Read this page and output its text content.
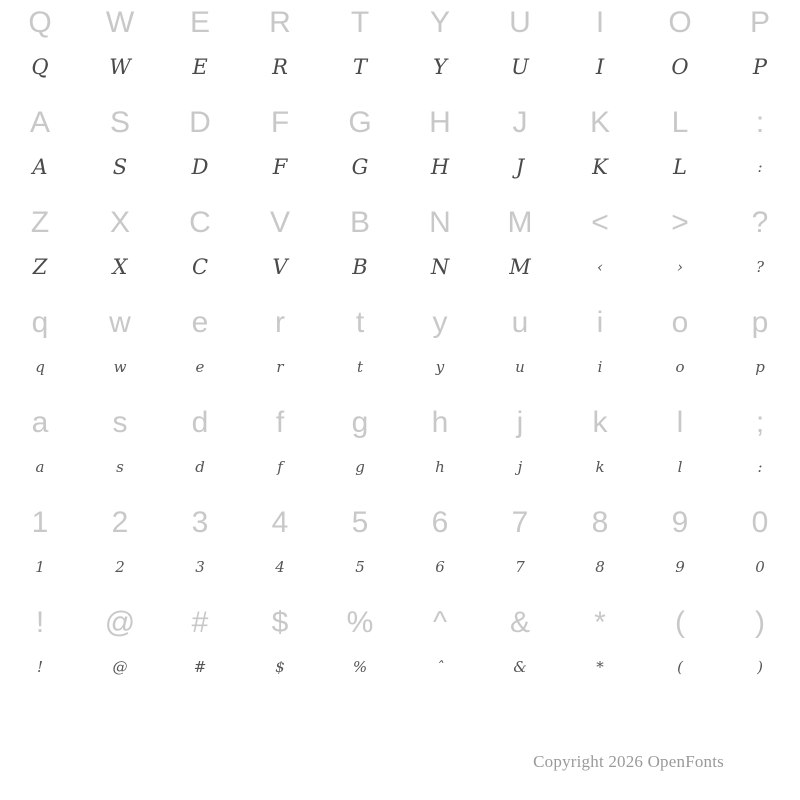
Q
Q
W
W
E
E
R
R
T
T
Y
Y
U
U
I
I
O
O
P
P
A
A
S
S
D
D
F
F
G
G
H
H
J
J
K
K
L
L
:
:
Z
Z
X
X
C
C
V
V
B
B
N
N
M
M
<
‹
>
›
?
?
q
q
w
w
e
e
r
r
t
t
y
y
u
u
i
i
o
o
p
p
a
a
s
s
d
d
f
f
g
g
h
h
j
j
k
k
l
l
;
:
1
1
2
2
3
3
4
4
5
5
6
6
7
7
8
8
9
9
0
0
!
!
@
@
#
#
$
$
%
%
^
ˆ
&
&
*
*
(
(
)
)
Copyright 2026 OpenFonts
